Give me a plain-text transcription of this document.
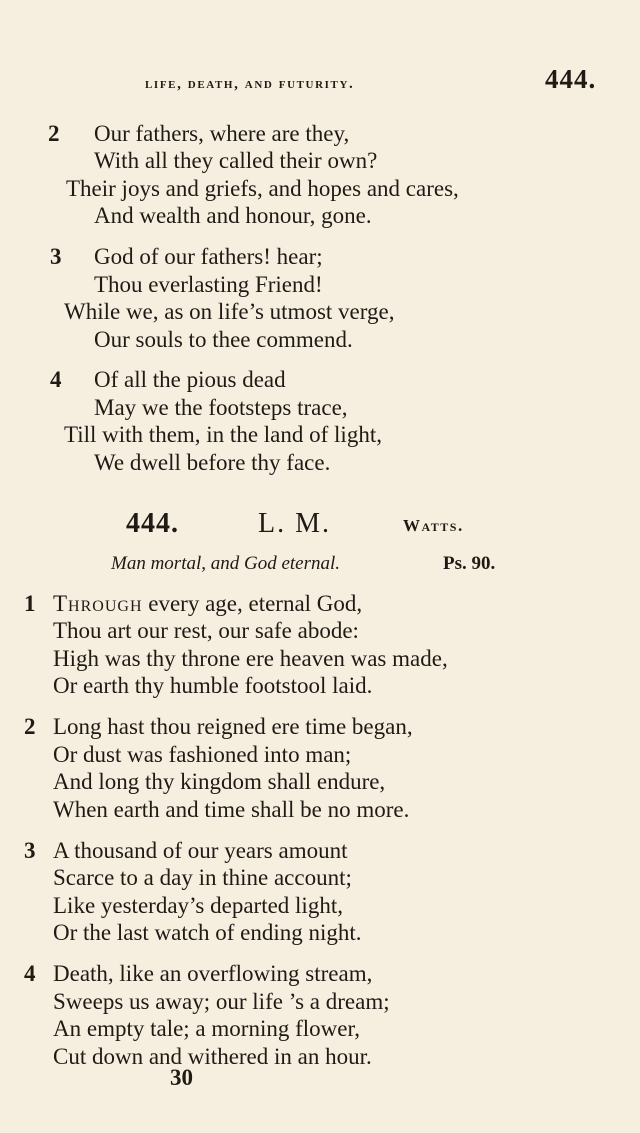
life, death, and futurity.	444.
2 Our fathers, where are they,
With all they called their own?
Their joys and griefs, and hopes and cares,
And wealth and honour, gone.
3 God of our fathers! hear;
Thou everlasting Friend!
While we, as on life’s utmost verge,
Our souls to thee commend.
4 Of all the pious dead
May we the footsteps trace,
Till with them, in the land of light,
We dwell before thy face.
444.	L. M.	Watts.
Man mortal, and God eternal.	Ps. 90.
1 Through every age, eternal God,
Thou art our rest, our safe abode:
High was thy throne ere heaven was made,
Or earth thy humble footstool laid.
2 Long hast thou reigned ere time began,
Or dust was fashioned into man;
And long thy kingdom shall endure,
When earth and time shall be no more.
3 A thousand of our years amount
Scarce to a day in thine account;
Like yesterday’s departed light,
Or the last watch of ending night.
4 Death, like an overflowing stream,
Sweeps us away; our life ’s a dream;
An empty tale; a morning flower,
Cut down and withered in an hour.
30
